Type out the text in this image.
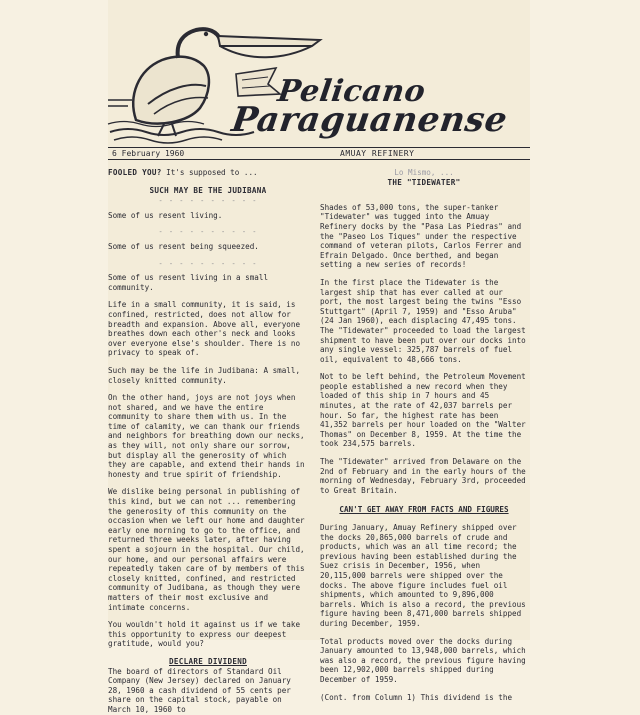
Pelicano
Paraguanense
6 February 1960	AMUAY REFINERY
FOOLED YOU? It's supposed to ...
SUCH MAY BE THE JUDIBANA
- - - - - - - - - -

Some of us resent living.

- - - - - - - - - -

Some of us resent being squeezed.

- - - - - - - - - -

Some of us resent living in a small community.

Life in a small community, it is said, is confined, restricted, does not allow for breadth and expansion. Above all, everyone breathes down each other's neck and looks over everyone else's shoulder. There is no privacy to speak of.

Such may be the life in Judibana: A small, closely knitted community.

On the other hand, joys are not joys when not shared, and we have the entire community to share them with us. In the time of calamity, we can thank our friends and neighbors for breathing down our necks, as they will, not only share our sorrow, but display all the generosity of which they are capable, and extend their hands in honesty and true spirit of friendship.

We dislike being personal in publishing of this kind, but we can not ... remembering the generosity of this community on the occasion when we left our home and daughter early one morning to go to the office, and returned three weeks later, after having spent a sojourn in the hospital. Our child, our home, and our personal affairs were repeatedly taken care of by members of this closely knitted, confined, and restricted community of Judibana, as though they were matters of their most exclusive and intimate concerns.

You wouldn't hold it against us if we take this opportunity to express our deepest gratitude, would you?

DECLARE DIVIDEND

The board of directors of Standard Oil Company (New Jersey) declared on January 28, 1960 a cash dividend of 55 cents per share on the capital stock, payable on March 10, 1960 to

Lo Mismo, ...
THE "TIDEWATER"

Shades of 53,000 tons, the super-tanker "Tidewater" was tugged into the Amuay Refinery docks by the "Pasa Las Piedras" and the "Paseo Los Tiques" under the respective command of veteran pilots, Carlos Ferrer and Efrain Delgado. Once berthed, and began setting a new series of records!

In the first place the Tidewater is the largest ship that has ever called at our port, the most largest being the twins "Esso Stuttgart" (April 7, 1959) and "Esso Aruba" (24 Jan 1960), each displacing 47,495 tons. The "Tidewater" proceeded to load the largest shipment to have been put over our docks into any single vessel: 325,787 barrels of fuel oil, equivalent to 48,666 tons.

Not to be left behind, the Petroleum Movement people established a new record when they loaded of this ship in 7 hours and 45 minutes, at the rate of 42,037 barrels per hour. So far, the highest rate has been 41,352 barrels per hour loaded on the "Walter Thomas" on December 8, 1959. At the time the took 234,575 barrels.

The "Tidewater" arrived from Delaware on the 2nd of February and in the early hours of the morning of Wednesday, February 3rd, proceeded to Great Britain.

CAN'T GET AWAY FROM FACTS AND FIGURES

During January, Amuay Refinery shipped over the docks 20,865,000 barrels of crude and products, which was an all time record; the previous having been established during the Suez crisis in December, 1956, when 20,115,000 barrels were shipped over the docks. The above figure includes fuel oil shipments, which amounted to 9,896,000 barrels. Which is also a record, the previous figure having been 8,471,000 barrels shipped during December, 1959.

Total products moved over the docks during January amounted to 13,948,000 barrels, which was also a record, the previous figure having been 12,902,000 barrels shipped during December of 1959.

(Cont. from Column 1) This dividend is the
